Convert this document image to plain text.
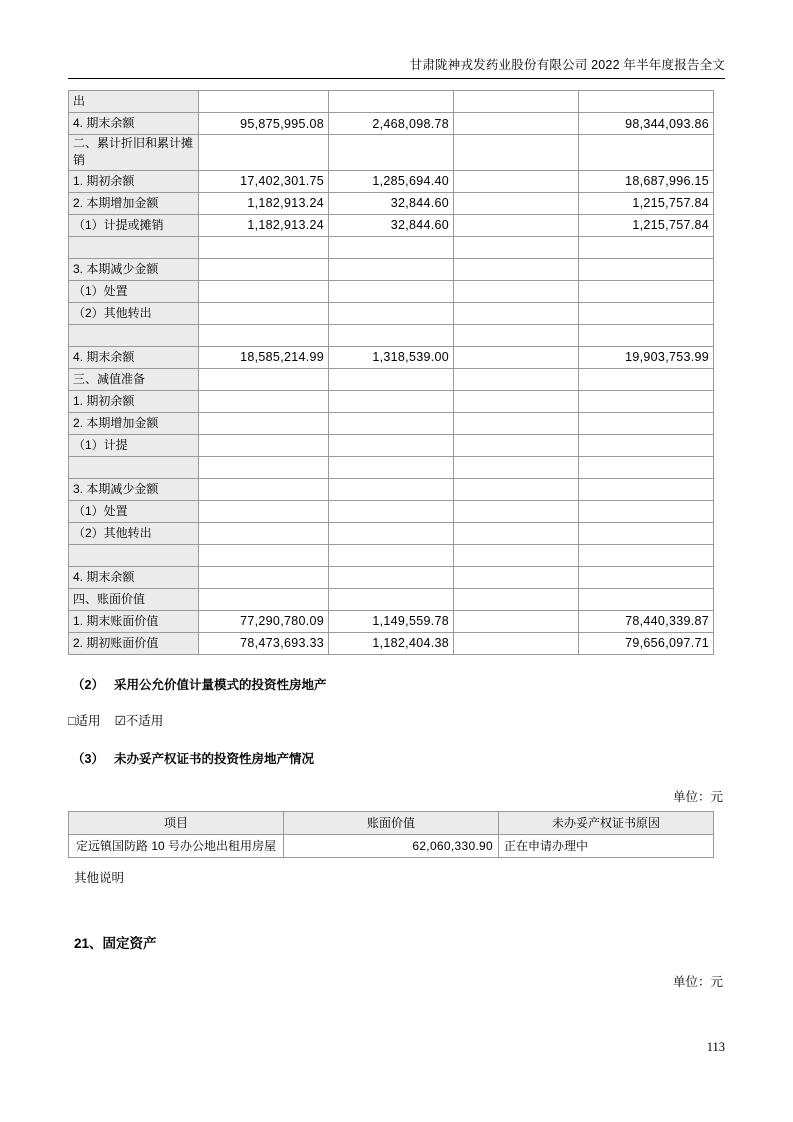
甘肃陇神戎发药业股份有限公司 2022 年半年度报告全文
出				
4. 期末余额	95,875,995.08	2,468,098.78		98,344,093.86
二、累计折旧和累计摊销				
1. 期初余额	17,402,301.75	1,285,694.40		18,687,996.15
2. 本期增加金额	1,182,913.24	32,844.60		1,215,757.84
（1）计提或摊销	1,182,913.24	32,844.60		1,215,757.84

3. 本期减少金额				
（1）处置				
（2）其他转出				

4. 期末余额	18,585,214.99	1,318,539.00		19,903,753.99
三、减值准备				
1. 期初余额				
2. 本期增加金额				
（1）计提				

3. 本期减少金额				
（1）处置				
（2）其他转出				

4. 期末余额				
四、账面价值				
1. 期末账面价值	77,290,780.09	1,149,559.78		78,440,339.87
2. 期初账面价值	78,473,693.33	1,182,404.38		79,656,097.71
（2） 采用公允价值计量模式的投资性房地产
□适用 ☑不适用
（3） 未办妥产权证书的投资性房地产情况
单位：元
项目	账面价值	未办妥产权证书原因
定远镇国防路 10 号办公地出租用房屋	62,060,330.90	正在申请办理中
其他说明
21、固定资产
单位：元
113
